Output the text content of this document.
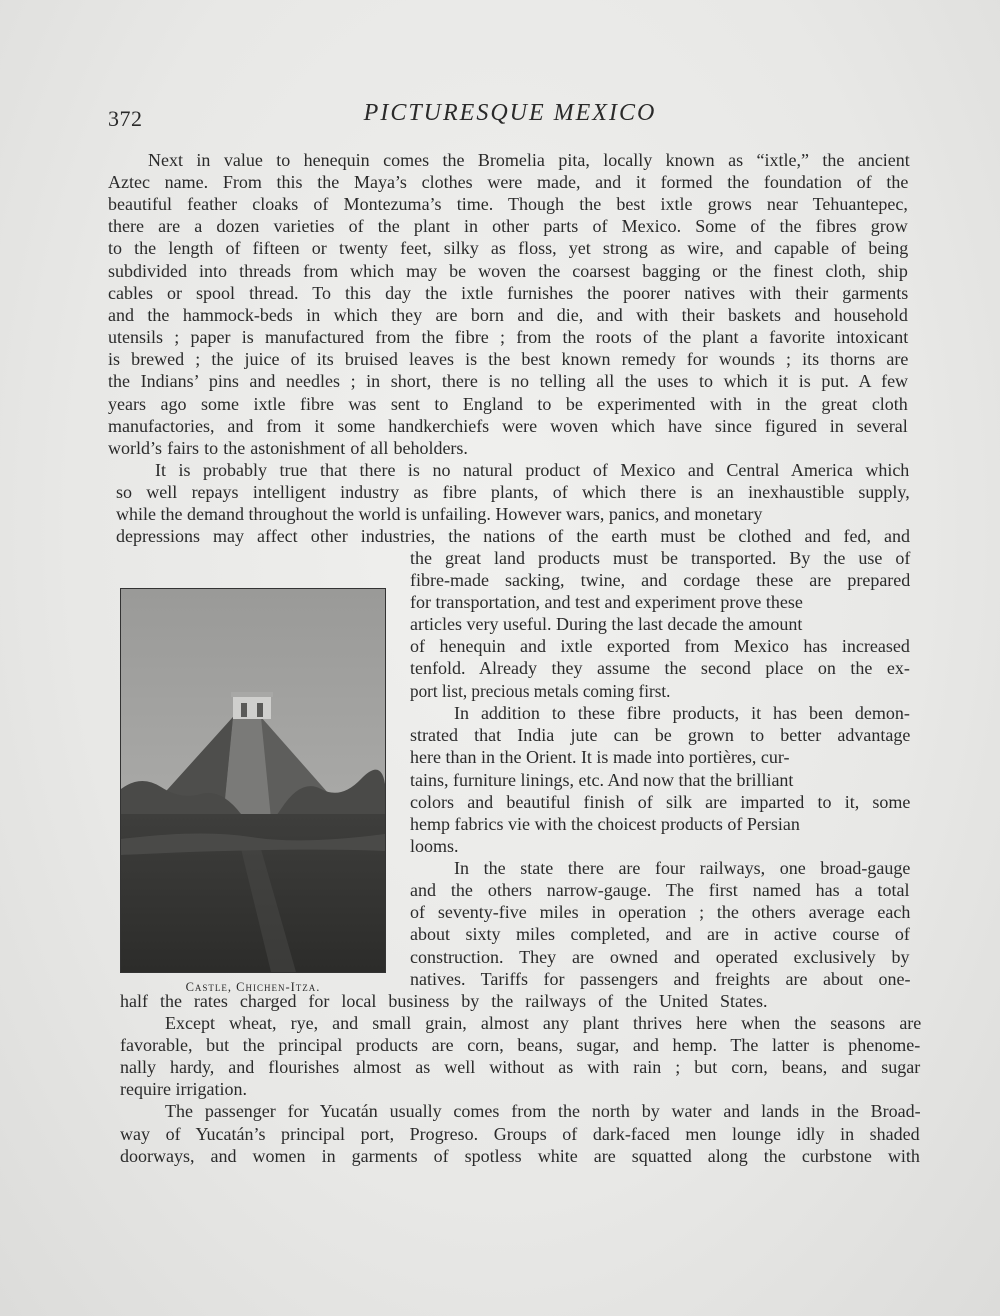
372	PICTURESQUE MEXICO
Next in value to henequin comes the Bromelia pita, locally known as “ixtle,” the ancient
Aztec name. From this the Maya’s clothes were made, and it formed the foundation of the
beautiful feather cloaks of Montezuma’s time. Though the best ixtle grows near Tehuantepec,
there are a dozen varieties of the plant in other parts of Mexico. Some of the fibres grow
to the length of fifteen or twenty feet, silky as floss, yet strong as wire, and capable of being
subdivided into threads from which may be woven the coarsest bagging or the finest cloth, ship
cables or spool thread. To this day the ixtle furnishes the poorer natives with their garments
and the hammock-beds in which they are born and die, and with their baskets and household
utensils ; paper is manufactured from the fibre ; from the roots of the plant a favorite intoxicant
is brewed ; the juice of its bruised leaves is the best known remedy for wounds ; its thorns are
the Indians’ pins and needles ; in short, there is no telling all the uses to which it is put. A few
years ago some ixtle fibre was sent to England to be experimented with in the great cloth
manufactories, and from it some handkerchiefs were woven which have since figured in several
world’s fairs to the astonishment of all beholders.
It is probably true that there is no natural product of Mexico and Central America which
so well repays intelligent industry as fibre plants, of which there is an inexhaustible supply,
while the demand throughout the world is unfailing. However wars, panics, and monetary
depressions may affect other industries, the nations of the earth must be clothed and fed, and
the great land products must be transported. By the use of
fibre-made sacking, twine, and cordage these are prepared
for transportation, and test and experiment prove these
articles very useful. During the last decade the amount
of henequin and ixtle exported from Mexico has increased
tenfold. Already they assume the second place on the ex-
port list, precious metals coming first.
In addition to these fibre products, it has been demon-
strated that India jute can be grown to better advantage
here than in the Orient. It is made into portières, cur-
tains, furniture linings, etc. And now that the brilliant
colors and beautiful finish of silk are imparted to it, some
hemp fabrics vie with the choicest products of Persian
looms.
In the state there are four railways, one broad-gauge
and the others narrow-gauge. The first named has a total
of seventy-five miles in operation ; the others average each
about sixty miles completed, and are in active course of
construction. They are owned and operated exclusively by
natives. Tariffs for passengers and freights are about one-
half the rates charged for local business by the railways of the United States.
Except wheat, rye, and small grain, almost any plant thrives here when the seasons are
favorable, but the principal products are corn, beans, sugar, and hemp. The latter is phenome-
nally hardy, and flourishes almost as well without as with rain ; but corn, beans, and sugar
require irrigation.
The passenger for Yucatán usually comes from the north by water and lands in the Broad-
way of Yucatán’s principal port, Progreso. Groups of dark-faced men lounge idly in shaded
doorways, and women in garments of spotless white are squatted along the curbstone with
Castle, Chichen-Itza.
